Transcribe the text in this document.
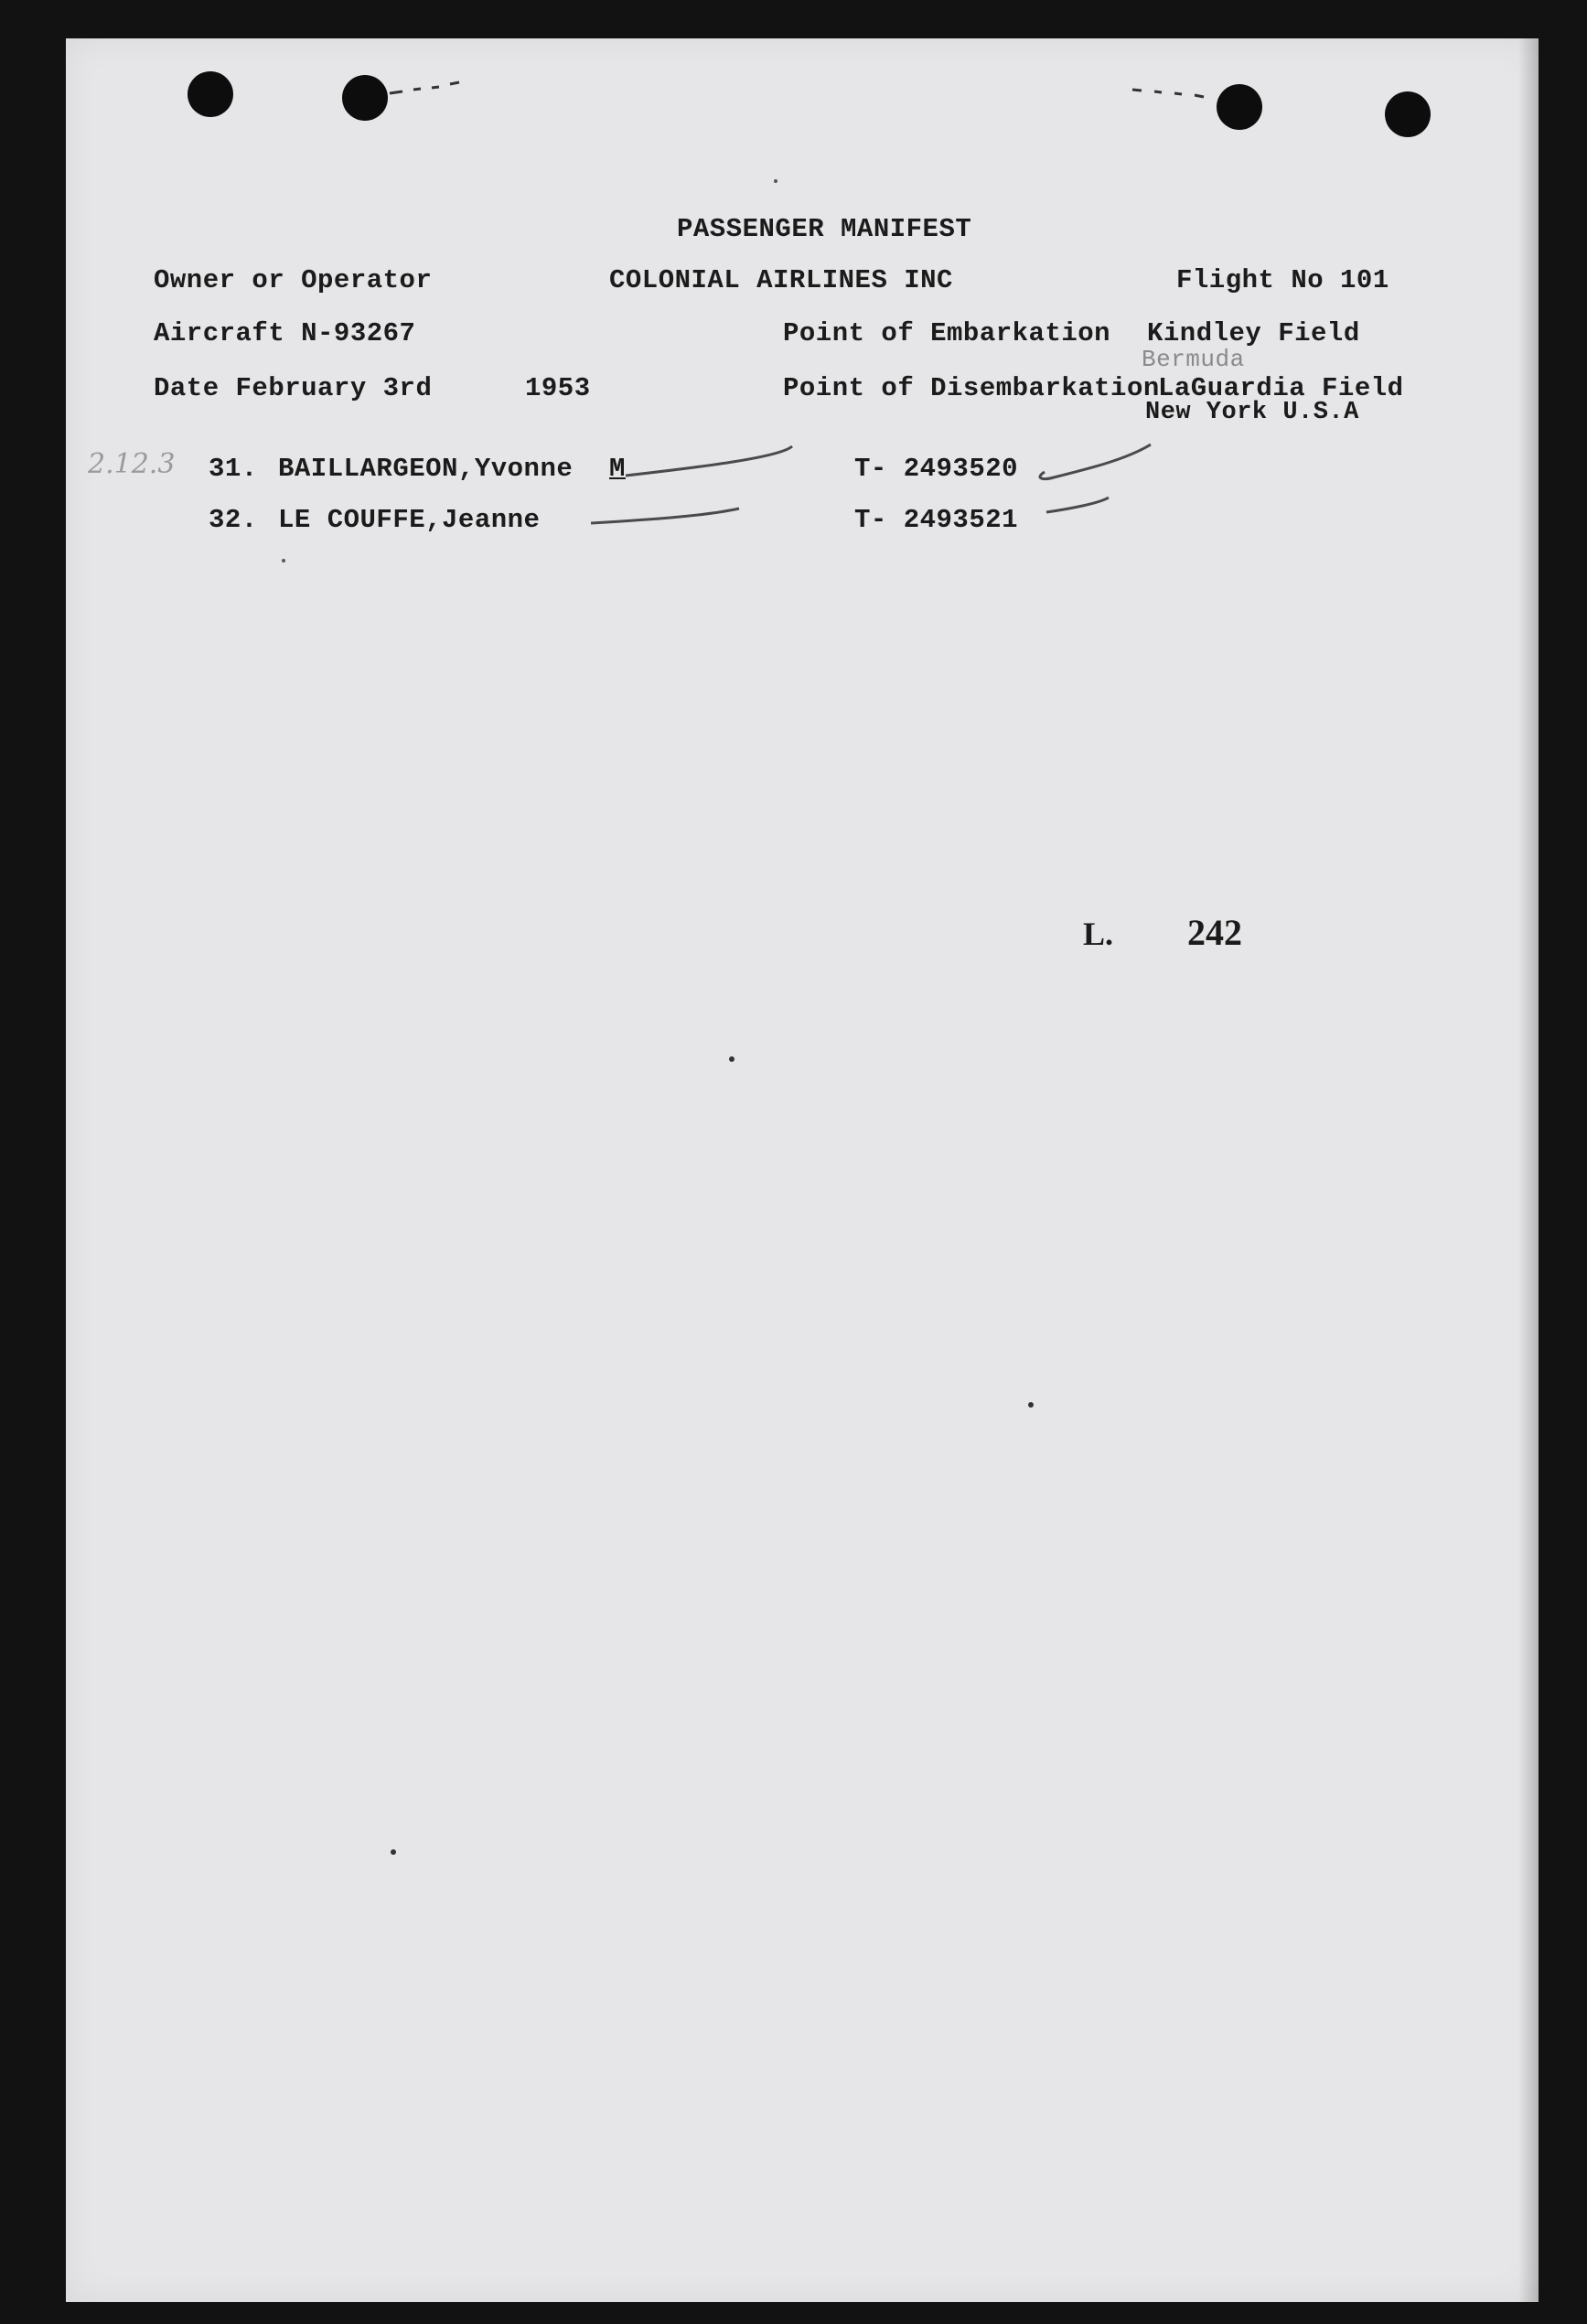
PASSENGER MANIFEST
Owner or Operator	COLONIAL AIRLINES INC	Flight No 101
Aircraft N-93267	Point of Embarkation Kindley Field
Bermuda
Date February 3rd	1953	Point of Disembarkation
LaGuardia Field
New York U.S.A
2.12.3 31. BAILLARGEON,Yvonne M	T- 2493520
32. LE COUFFE,Jeanne	T- 2493521
L. 242
